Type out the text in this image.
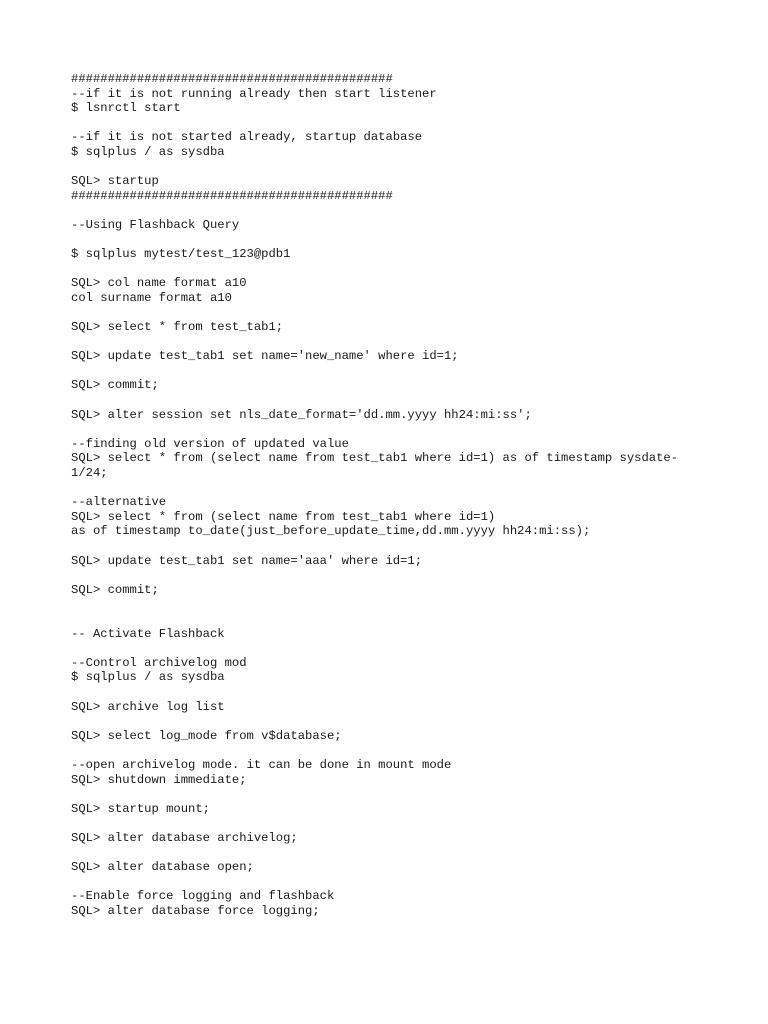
############################################
--if it is not running already then start listener
$ lsnrctl start
--if it is not started already, startup database
$ sqlplus / as sysdba
SQL> startup
############################################
--Using Flashback Query
$ sqlplus mytest/test_123@pdb1
SQL> col name format a10
col surname format a10
SQL> select * from test_tab1;
SQL> update test_tab1 set name='new_name' where id=1;
SQL> commit;
SQL> alter session set nls_date_format='dd.mm.yyyy hh24:mi:ss';
--finding old version of updated value
SQL> select * from (select name from test_tab1 where id=1) as of timestamp sysdate-
1/24;
--alternative
SQL> select * from (select name from test_tab1 where id=1)
as of timestamp to_date(just_before_update_time,dd.mm.yyyy hh24:mi:ss);
SQL> update test_tab1 set name='aaa' where id=1;
SQL> commit;
-- Activate Flashback
--Control archivelog mod
$ sqlplus / as sysdba
SQL> archive log list
SQL> select log_mode from v$database;
--open archivelog mode. it can be done in mount mode
SQL> shutdown immediate;
SQL> startup mount;
SQL> alter database archivelog;
SQL> alter database open;
--Enable force logging and flashback
SQL> alter database force logging;
